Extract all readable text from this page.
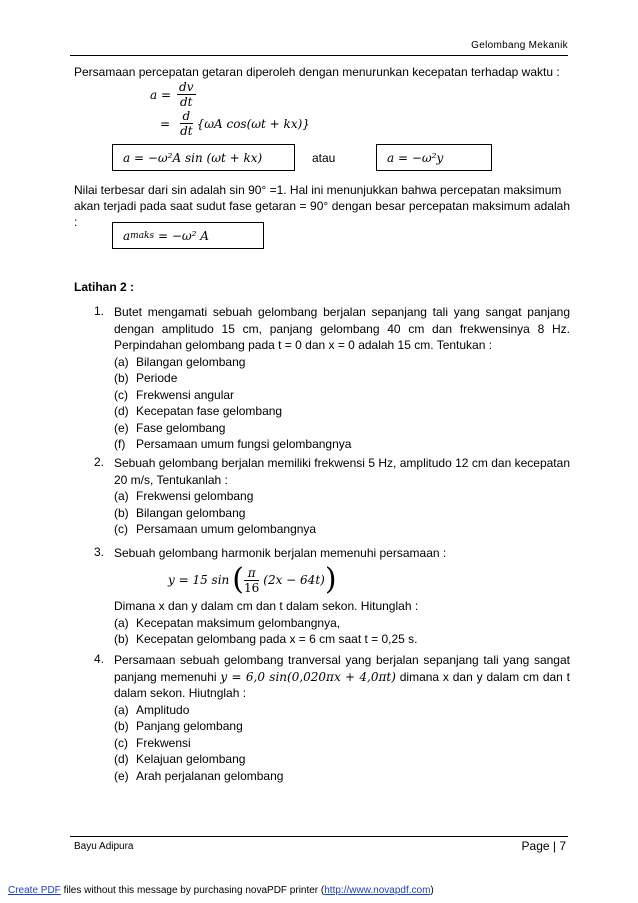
Gelombang Mekanik
Persamaan percepatan getaran diperoleh dengan menurunkan kecepatan terhadap waktu :
$a = \frac{dv}{dt}$
= $\frac{d}{dt} \{\omega A$ cos(ωt + kx)}
a = −ω²A sin (ωt + kx)	atau	a = −ω²y
Nilai terbesar dari sin adalah sin 90° =1. Hal ini menunjukkan bahwa percepatan maksimum
akan terjadi pada saat sudut fase getaran = 90° dengan besar percepatan maksimum adalah :
a maks = −ω² A
Latihan 2 :
1. Butet mengamati sebuah gelombang berjalan sepanjang tali yang sangat panjang dengan amplitudo 15 cm, panjang gelombang 40 cm dan frekwensinya 8 Hz. Perpindahan gelombang pada t = 0 dan x = 0 adalah 15 cm. Tentukan :
(a) Bilangan gelombang
(b) Periode
(c) Frekwensi angular
(d) Kecepatan fase gelombang
(e) Fase gelombang
(f) Persamaan umum fungsi gelombangnya
2. Sebuah gelombang berjalan memiliki frekwensi 5 Hz, amplitudo 12 cm dan kecepatan 20 m/s, Tentukanlah :
(a) Frekwensi gelombang
(b) Bilangan gelombang
(c) Persamaan umum gelombangnya
3. Sebuah gelombang harmonik berjalan memenuhi persamaan :
y = 15 sin ( $\frac{\pi}{16} (2x - 64t)$ )
Dimana x dan y dalam cm dan t dalam sekon. Hitunglah :
(a) Kecepatan maksimum gelombangnya,
(b) Kecepatan gelombang pada x = 6 cm saat t = 0,25 s.
4. Persamaan sebuah gelombang tranversal yang berjalan sepanjang tali yang sangat panjang memenuhi y = 6,0 sin(0,020πx + 4,0πt) dimana x dan y dalam cm dan t dalam sekon. Hiutnglah :
(a) Amplitudo
(b) Panjang gelombang
(c) Frekwensi
(d) Kelajuan gelombang
(e) Arah perjalanan gelombang
Bayu Adipura	Page | 7
Create PDF files without this message by purchasing novaPDF printer (http://www.novapdf.com)
